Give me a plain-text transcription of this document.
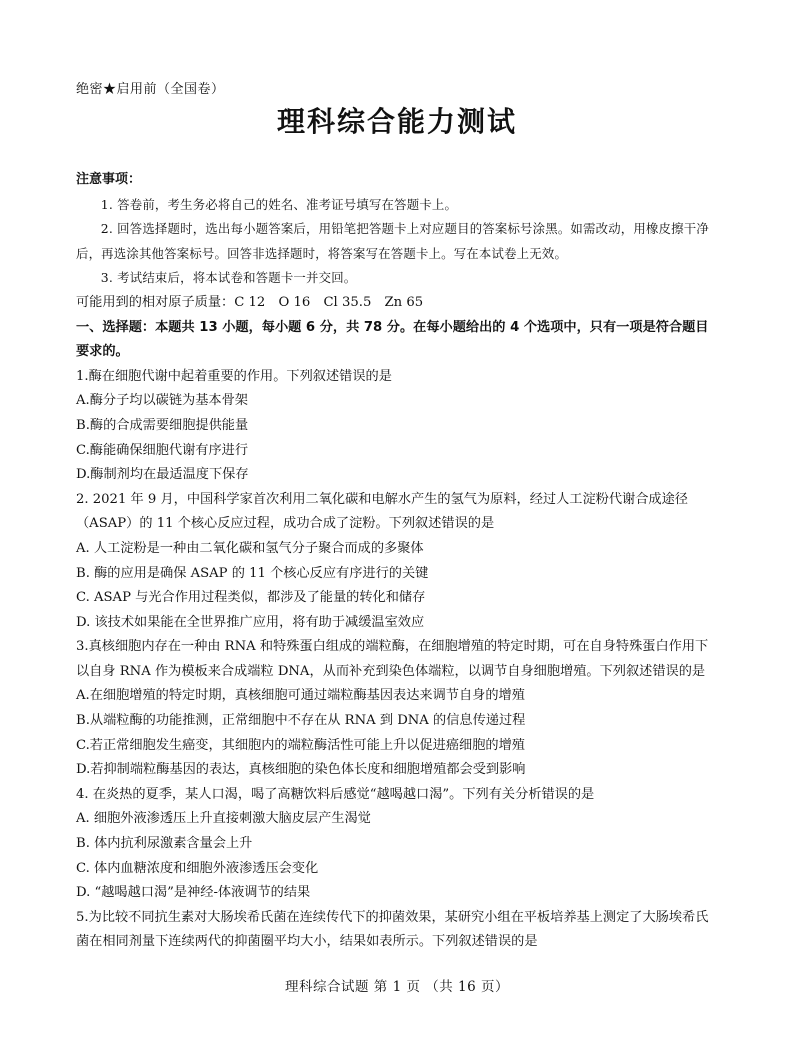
绝密★启用前（全国卷）
理科综合能力测试

注意事项：

1. 答卷前，考生务必将自己的姓名、准考证号填写在答题卡上。

2. 回答选择题时，选出每小题答案后，用铅笔把答题卡上对应题目的答案标号涂黑。如需改动，用橡皮擦干净后，再选涂其他答案标号。回答非选择题时，将答案写在答题卡上。写在本试卷上无效。

3. 考试结束后，将本试卷和答题卡一并交回。

可能用到的相对原子质量：C 12　O 16　Cl 35.5　Zn 65

一、选择题：本题共 13 小题，每小题 6 分，共 78 分。在每小题给出的 4 个选项中，只有一项是符合题目要求的。

1.酶在细胞代谢中起着重要的作用。下列叙述错误的是

A.酶分子均以碳链为基本骨架

B.酶的合成需要细胞提供能量

C.酶能确保细胞代谢有序进行

D.酶制剂均在最适温度下保存

2. 2021 年 9 月，中国科学家首次利用二氧化碳和电解水产生的氢气为原料，经过人工淀粉代谢合成途径（ASAP）的 11 个核心反应过程，成功合成了淀粉。下列叙述错误的是

A. 人工淀粉是一种由二氧化碳和氢气分子聚合而成的多聚体

B. 酶的应用是确保 ASAP 的 11 个核心反应有序进行的关键

C. ASAP 与光合作用过程类似，都涉及了能量的转化和储存

D. 该技术如果能在全世界推广应用，将有助于减缓温室效应

3.真核细胞内存在一种由 RNA 和特殊蛋白组成的端粒酶，在细胞增殖的特定时期，可在自身特殊蛋白作用下以自身 RNA 作为模板来合成端粒 DNA，从而补充到染色体端粒，以调节自身细胞增殖。下列叙述错误的是

A.在细胞增殖的特定时期，真核细胞可通过端粒酶基因表达来调节自身的增殖

B.从端粒酶的功能推测，正常细胞中不存在从 RNA 到 DNA 的信息传递过程

C.若正常细胞发生癌变，其细胞内的端粒酶活性可能上升以促进癌细胞的增殖

D.若抑制端粒酶基因的表达，真核细胞的染色体长度和细胞增殖都会受到影响

4. 在炎热的夏季，某人口渴，喝了高糖饮料后感觉“越喝越口渴”。下列有关分析错误的是

A. 细胞外液渗透压上升直接刺激大脑皮层产生渴觉

B. 体内抗利尿激素含量会上升

C. 体内血糖浓度和细胞外液渗透压会变化

D. “越喝越口渴”是神经-体液调节的结果

5.为比较不同抗生素对大肠埃希氏菌在连续传代下的抑菌效果，某研究小组在平板培养基上测定了大肠埃希氏菌在相同剂量下连续两代的抑菌圈平均大小，结果如表所示。下列叙述错误的是

理科综合试题 第 1 页 （共 16 页）
